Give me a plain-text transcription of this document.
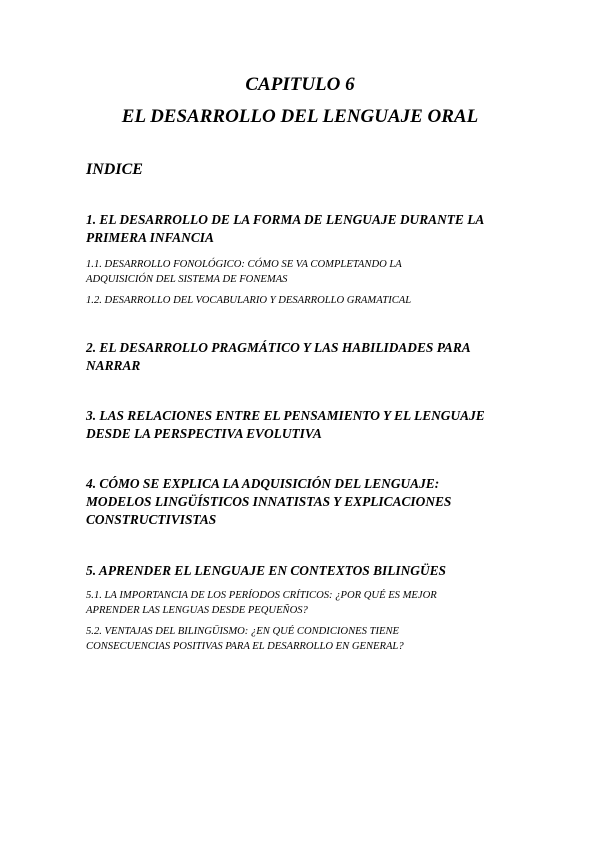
CAPITULO 6
EL DESARROLLO DEL LENGUAJE ORAL
INDICE

1. EL DESARROLLO DE LA FORMA DE LENGUAJE DURANTE LA

PRIMERA INFANCIA

1.1. DESARROLLO FONOLÓGICO: CÓMO SE VA COMPLETANDO LA

ADQUISICIÓN DEL SISTEMA DE FONEMAS

1.2. DESARROLLO DEL VOCABULARIO Y DESARROLLO GRAMATICAL

2. EL DESARROLLO PRAGMÁTICO Y LAS HABILIDADES PARA

NARRAR

3. LAS RELACIONES ENTRE EL PENSAMIENTO Y EL LENGUAJE

DESDE LA PERSPECTIVA EVOLUTIVA

4. CÓMO SE EXPLICA LA ADQUISICIÓN DEL LENGUAJE:

MODELOS LINGÜÍSTICOS INNATISTAS Y EXPLICACIONES

CONSTRUCTIVISTAS

5. APRENDER EL LENGUAJE EN CONTEXTOS BILINGÜES

5.1. LA IMPORTANCIA DE LOS PERÍODOS CRÍTICOS: ¿POR QUÉ ES MEJOR

APRENDER LAS LENGUAS DESDE PEQUEÑOS?

5.2. VENTAJAS DEL BILINGÜISMO: ¿EN QUÉ CONDICIONES TIENE

CONSECUENCIAS POSITIVAS PARA EL DESARROLLO EN GENERAL?
